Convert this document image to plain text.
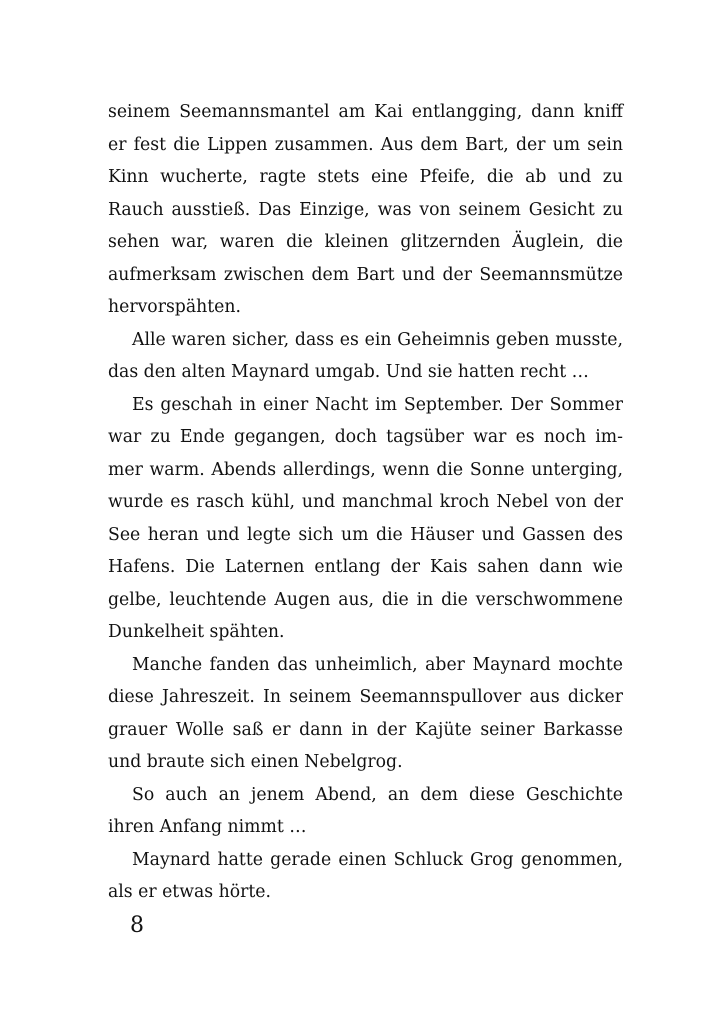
seinem Seemannsmantel am Kai entlangging, dann kniff
er fest die Lippen zusammen. Aus dem Bart, der um sein
Kinn wucherte, ragte stets eine Pfeife, die ab und zu
Rauch ausstieß. Das Einzige, was von seinem Gesicht zu
sehen war, waren die kleinen glitzernden Äuglein, die
aufmerksam zwischen dem Bart und der Seemannsmütze
hervorspähten.
Alle waren sicher, dass es ein Geheimnis geben musste,
das den alten Maynard umgab. Und sie hatten recht …
Es geschah in einer Nacht im September. Der Sommer
war zu Ende gegangen, doch tagsüber war es noch im-
mer warm. Abends allerdings, wenn die Sonne unterging,
wurde es rasch kühl, und manchmal kroch Nebel von der
See heran und legte sich um die Häuser und Gassen des
Hafens. Die Laternen entlang der Kais sahen dann wie
gelbe, leuchtende Augen aus, die in die verschwommene
Dunkelheit spähten.
Manche fanden das unheimlich, aber Maynard mochte
diese Jahreszeit. In seinem Seemannspullover aus dicker
grauer Wolle saß er dann in der Kajüte seiner Barkasse
und braute sich einen Nebelgrog.
So auch an jenem Abend, an dem diese Geschichte
ihren Anfang nimmt …
Maynard hatte gerade einen Schluck Grog genommen,
als er etwas hörte.
8
